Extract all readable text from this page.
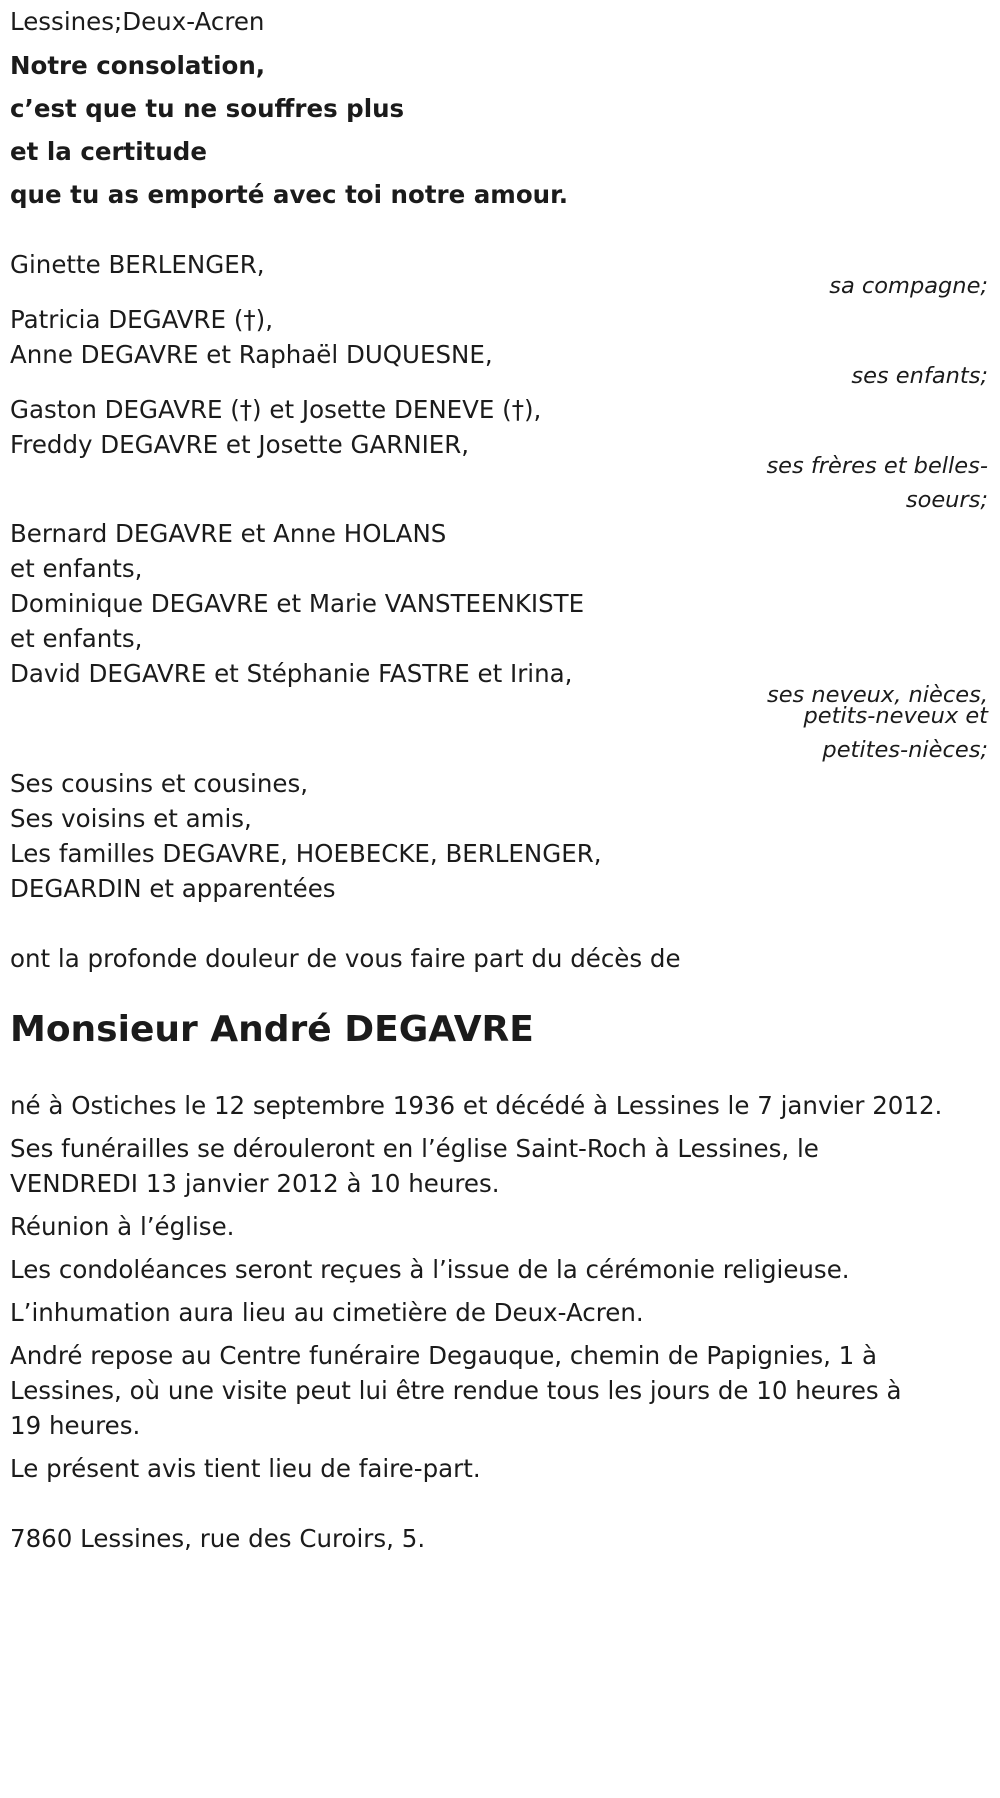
Lessines;Deux-Acren
Notre consolation,
c’est que tu ne souffres plus
et la certitude
que tu as emporté avec toi notre amour.
Ginette BERLENGER,
sa compagne;
Patricia DEGAVRE (†),
Anne DEGAVRE et Raphaël DUQUESNE,
ses enfants;
Gaston DEGAVRE (†) et Josette DENEVE (†),
Freddy DEGAVRE et Josette GARNIER,
ses frères et belles-
soeurs;
Bernard DEGAVRE et Anne HOLANS
et enfants,
Dominique DEGAVRE et Marie VANSTEENKISTE
et enfants,
David DEGAVRE et Stéphanie FASTRE et Irina,
ses neveux, nièces,
petits-neveux et
petites-nièces;
Ses cousins et cousines,
Ses voisins et amis,
Les familles DEGAVRE, HOEBECKE, BERLENGER,
DEGARDIN et apparentées
ont la profonde douleur de vous faire part du décès de
Monsieur André DEGAVRE
né à Ostiches le 12 septembre 1936 et décédé à Lessines le 7 janvier 2012.
Ses funérailles se dérouleront en l’église Saint-Roch à Lessines, le
VENDREDI 13 janvier 2012 à 10 heures.
Réunion à l’église.
Les condoléances seront reçues à l’issue de la cérémonie religieuse.
L’inhumation aura lieu au cimetière de Deux-Acren.
André repose au Centre funéraire Degauque, chemin de Papignies, 1 à
Lessines, où une visite peut lui être rendue tous les jours de 10 heures à
19 heures.
Le présent avis tient lieu de faire-part.
7860 Lessines, rue des Curoirs, 5.
